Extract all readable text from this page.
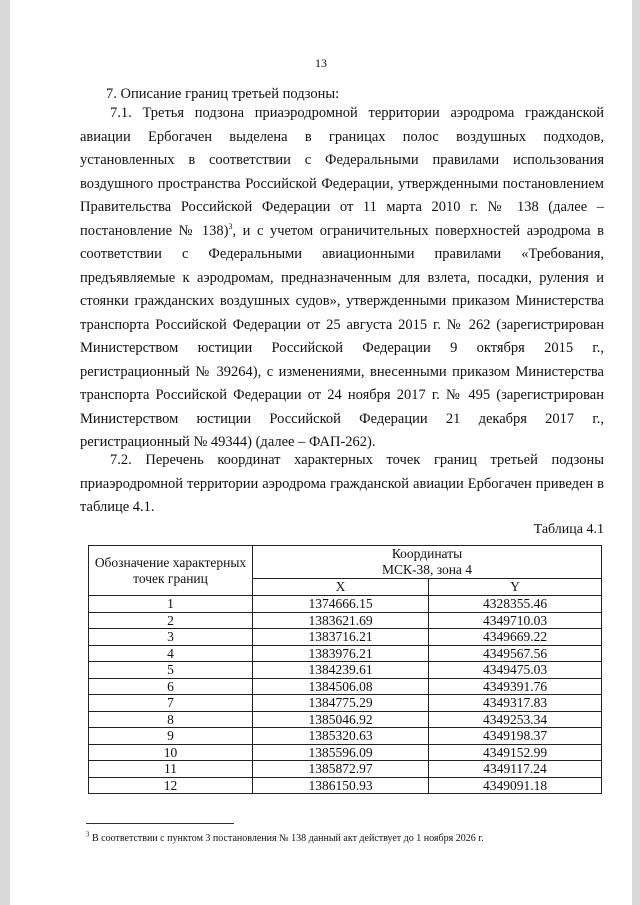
13
7. Описание границ третьей подзоны:

7.1. Третья подзона приаэродромной территории аэродрома гражданской авиации Ербогачен выделена в границах полос воздушных подходов, установленных в соответствии с Федеральными правилами использования воздушного пространства Российской Федерации, утвержденными постановлением Правительства Российской Федерации от 11 марта 2010 г. № 138 (далее – постановление № 138)$^3$, и с учетом ограничительных поверхностей аэродрома в соответствии с Федеральными авиационными правилами «Требования, предъявляемые к аэродромам, предназначенным для взлета, посадки, руления и стоянки гражданских воздушных судов», утвержденными приказом Министерства транспорта Российской Федерации от 25 августа 2015 г. № 262 (зарегистрирован Министерством юстиции Российской Федерации 9 октября 2015 г., регистрационный № 39264), с изменениями, внесенными приказом Министерства транспорта Российской Федерации от 24 ноября 2017 г. № 495 (зарегистрирован Министерством юстиции Российской Федерации 21 декабря 2017 г., регистрационный № 49344) (далее – ФАП-262).

7.2. Перечень координат характерных точек границ третьей подзоны приаэродромной территории аэродрома гражданской авиации Ербогачен приведен в таблице 4.1.

Таблица 4.1
Обозначение характерных точек границ	Координаты
МСК-38, зона 4	

	X	Y
1	1374666.15	4328355.46
2	1383621.69	4349710.03
3	1383716.21	4349669.22
4	1383976.21	4349567.56
5	1384239.61	4349475.03
6	1384506.08	4349391.76
7	1384775.29	4349317.83
8	1385046.92	4349253.34
9	1385320.63	4349198.37
10	1385596.09	4349152.99
11	1385872.97	4349117.24
12	1386150.93	4349091.18
$^3$ В соответствии с пунктом 3 постановления № 138 данный акт действует до 1 ноября 2026 г.
